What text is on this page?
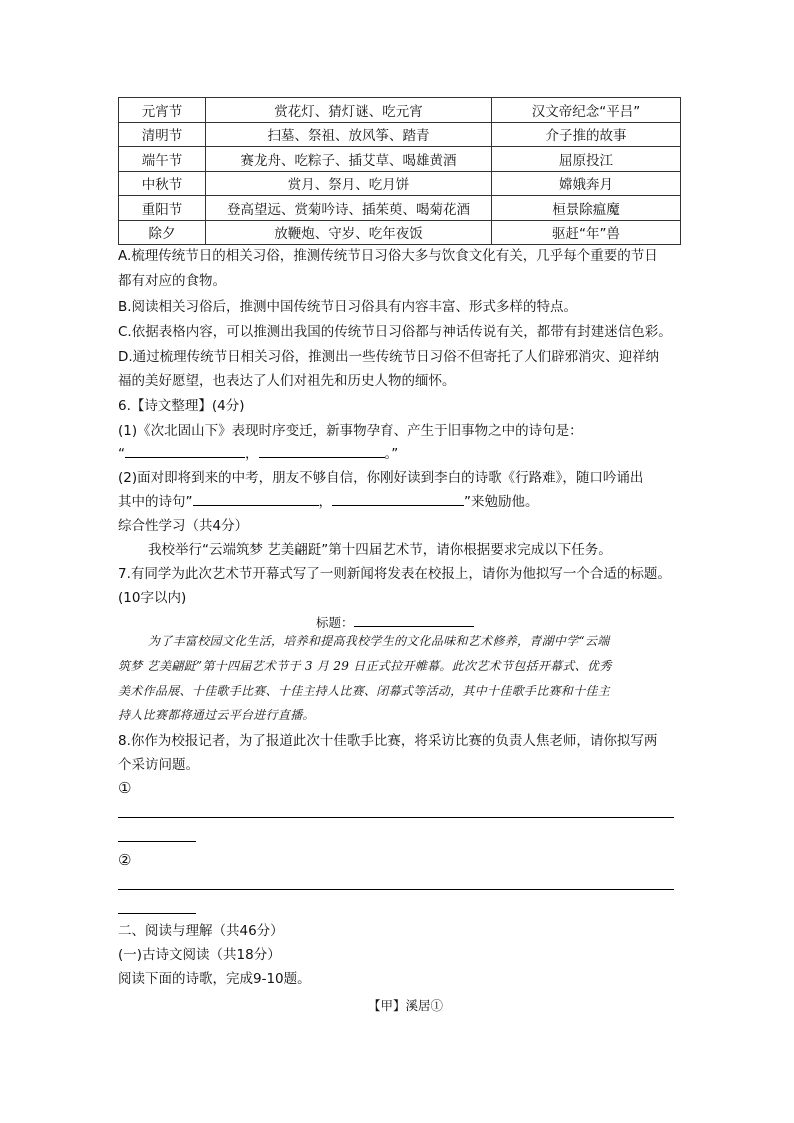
元宵节	赏花灯、猜灯谜、吃元宵	汉文帝纪念“平吕”
清明节	扫墓、祭祖、放风筝、踏青	介子推的故事
端午节	赛龙舟、吃粽子、插艾草、喝雄黄酒	屈原投江
中秋节	赏月、祭月、吃月饼	嫦娥奔月
重阳节	登高望远、赏菊吟诗、插茱萸、喝菊花酒	桓景除瘟魔
除夕	放鞭炮、守岁、吃年夜饭	驱赶“年”兽
A.梳理传统节日的相关习俗，推测传统节日习俗大多与饮食文化有关，几乎每个重要的节日
都有对应的食物。
B.阅读相关习俗后，推测中国传统节日习俗具有内容丰富、形式多样的特点。
C.依据表格内容，可以推测出我国的传统节日习俗都与神话传说有关，都带有封建迷信色彩。
D.通过梳理传统节日相关习俗，推测出一些传统节日习俗不但寄托了人们辟邪消灾、迎祥纳
福的美好愿望，也表达了人们对祖先和历史人物的缅怀。
6.【诗文整理】(4分)
(1)《次北固山下》表现时序变迁，新事物孕育、产生于旧事物之中的诗句是：
“	，	。”
(2)面对即将到来的中考，朋友不够自信，你刚好读到李白的诗歌《行路难》，随口吟诵出
其中的诗句”	，	”来勉励他。
综合性学习（共4分）
我校举行“云端筑梦 艺美翩跹”第十四届艺术节，请你根据要求完成以下任务。
7.有同学为此次艺术节开幕式写了一则新闻将发表在校报上，请你为他拟写一个合适的标题。
(10字以内)
标题：
为了丰富校园文化生活，培养和提高我校学生的文化品味和艺术修养，青湖中学“云端
筑梦 艺美翩跹”第十四届艺术节于 3 月 29 日正式拉开帷幕。此次艺术节包括开幕式、优秀
美术作品展、十佳歌手比赛、十佳主持人比赛、闭幕式等活动，其中十佳歌手比赛和十佳主
持人比赛都将通过云平台进行直播。
8.你作为校报记者，为了报道此次十佳歌手比赛，将采访比赛的负责人焦老师，请你拟写两
个采访问题。
①
②
二、阅读与理解（共46分）
(一)古诗文阅读（共18分）
阅读下面的诗歌，完成9-10题。
【甲】溪居①
